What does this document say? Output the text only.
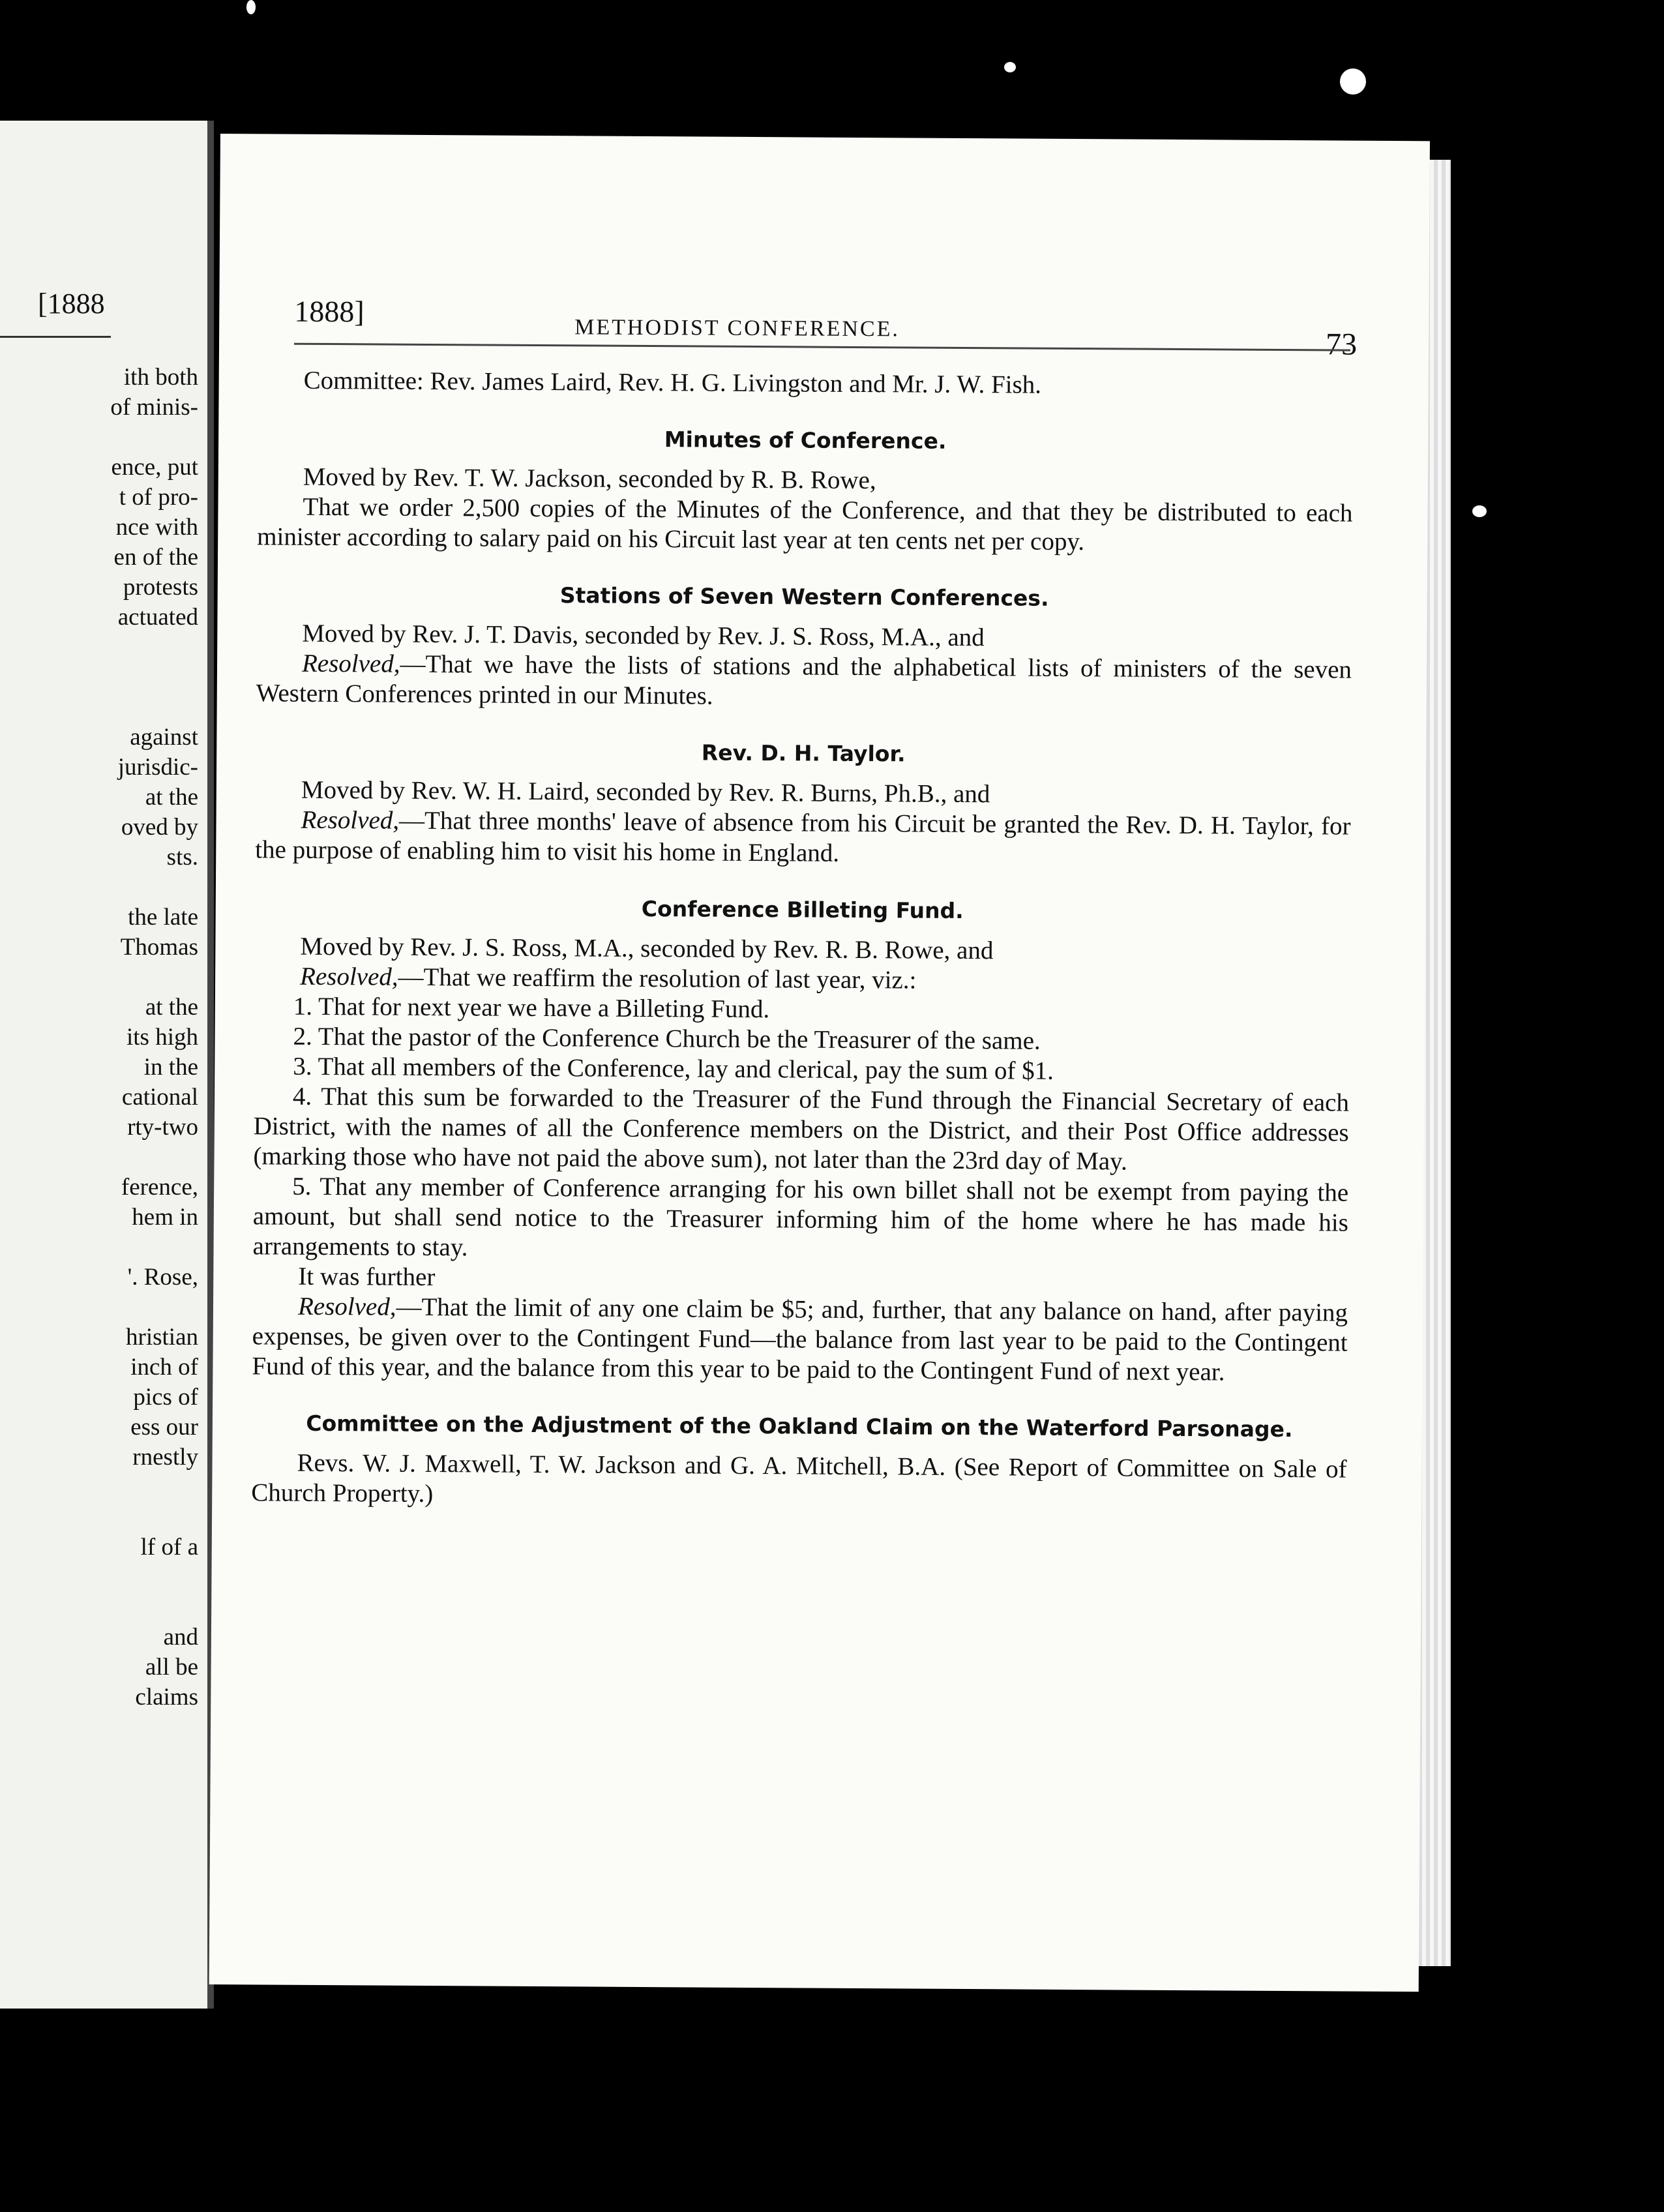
[1888
ith both
of minis-
ence, put
t of pro-
nce with
en of the
protests
actuated
against
jurisdic-
at the
oved by
sts.
the late
Thomas
at the
its high
in the
cational
rty-two
ference,
hem in
'. Rose,
hristian
inch of
pics of
ess our
rnestly
lf of a
and
all be
claims
1888]	METHODIST CONFERENCE.	73

Committee: Rev. James Laird, Rev. H. G. Livingston and Mr. J. W. Fish.

Minutes of Conference.

Moved by Rev. T. W. Jackson, seconded by R. B. Rowe,

That we order 2,500 copies of the Minutes of the Conference, and that they be distributed to each minister according to salary paid on his Circuit last year at ten cents net per copy.

Stations of Seven Western Conferences.

Moved by Rev. J. T. Davis, seconded by Rev. J. S. Ross, M.A., and

Resolved,—That we have the lists of stations and the alphabetical lists of ministers of the seven Western Conferences printed in our Minutes.

Rev. D. H. Taylor.

Moved by Rev. W. H. Laird, seconded by Rev. R. Burns, Ph.B., and

Resolved,—That three months' leave of absence from his Circuit be granted the Rev. D. H. Taylor, for the purpose of enabling him to visit his home in England.

Conference Billeting Fund.

Moved by Rev. J. S. Ross, M.A., seconded by Rev. R. B. Rowe, and

Resolved,—That we reaffirm the resolution of last year, viz.:

1. That for next year we have a Billeting Fund.

2. That the pastor of the Conference Church be the Treasurer of the same.

3. That all members of the Conference, lay and clerical, pay the sum of $1.

4. That this sum be forwarded to the Treasurer of the Fund through the Financial Secretary of each District, with the names of all the Conference members on the District, and their Post Office addresses (marking those who have not paid the above sum), not later than the 23rd day of May.

5. That any member of Conference arranging for his own billet shall not be exempt from paying the amount, but shall send notice to the Treasurer informing him of the home where he has made his arrangements to stay.

It was further

Resolved,—That the limit of any one claim be $5; and, further, that any balance on hand, after paying expenses, be given over to the Contingent Fund—the balance from last year to be paid to the Contingent Fund of this year, and the balance from this year to be paid to the Contingent Fund of next year.

Committee on the Adjustment of the Oakland Claim on the Waterford Parsonage.

Revs. W. J. Maxwell, T. W. Jackson and G. A. Mitchell, B.A. (See Report of Committee on Sale of Church Property.)
